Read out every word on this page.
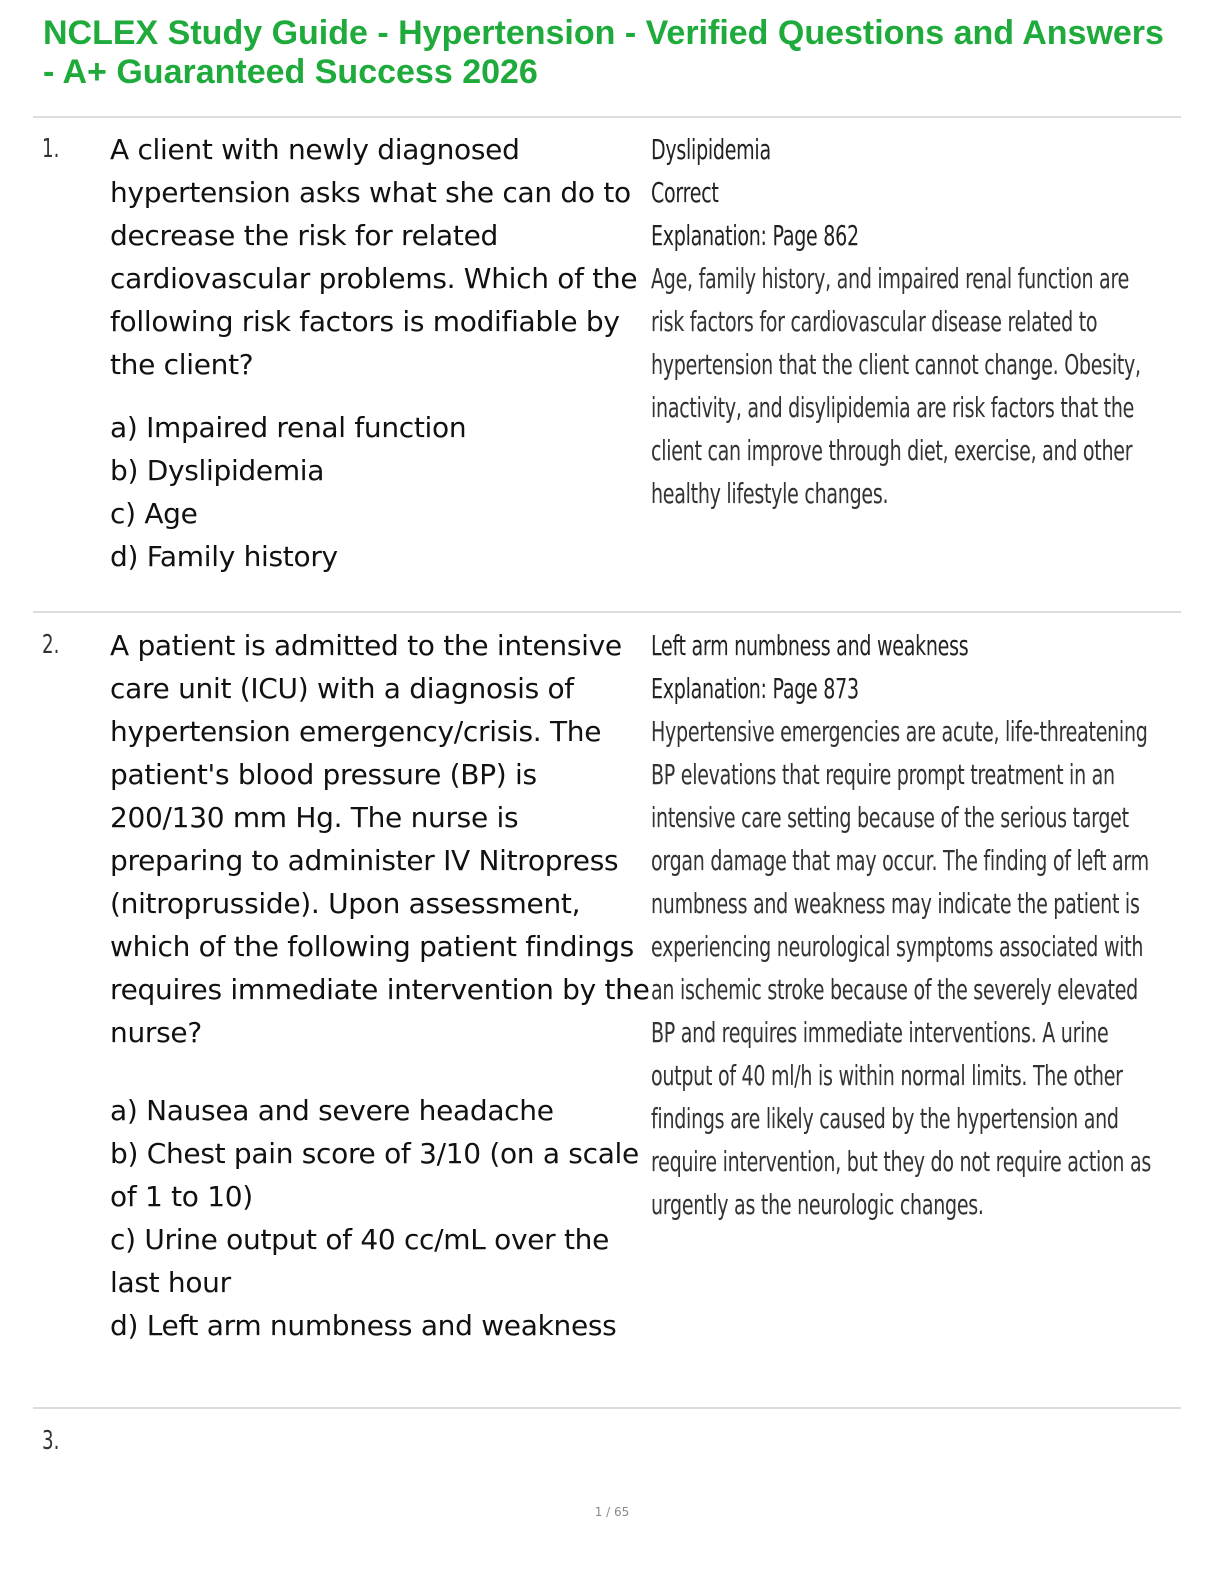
NCLEX Study Guide - Hypertension - Verified Questions and Answers - A+ Guaranteed Success 2026
1. A client with newly diagnosed hypertension asks what she can do to decrease the risk for related cardiovascular problems. Which of the following risk factors is modifiable by the client?

a) Impaired renal function
b) Dyslipidemia
c) Age
d) Family history

Dyslipidemia

Correct

Explanation: Page 862

Age, family history, and impaired renal function are risk factors for cardiovascular disease related to hypertension that the client cannot change. Obesity, inactivity, and disylipidemia are risk factors that the client can improve through diet, exercise, and other healthy lifestyle changes.

2. A patient is admitted to the intensive care unit (ICU) with a diagnosis of hypertension emergency/crisis. The patient's blood pressure (BP) is 200/130 mm Hg. The nurse is preparing to administer IV Nitropress (nitroprusside). Upon assessment, which of the following patient findings requires immediate intervention by the nurse?

a) Nausea and severe headache
b) Chest pain score of 3/10 (on a scale of 1 to 10)
c) Urine output of 40 cc/mL over the last hour
d) Left arm numbness and weakness

Left arm numbness and weakness

Explanation: Page 873

Hypertensive emergencies are acute, life-threatening BP elevations that require prompt treatment in an intensive care setting because of the serious target organ damage that may occur. The finding of left arm numbness and weakness may indicate the patient is experiencing neurological symptoms associated with an ischemic stroke because of the severely elevated BP and requires immediate interventions. A urine output of 40 ml/h is within normal limits. The other findings are likely caused by the hypertension and require intervention, but they do not require action as urgently as the neurologic changes.

3.
1 / 65
